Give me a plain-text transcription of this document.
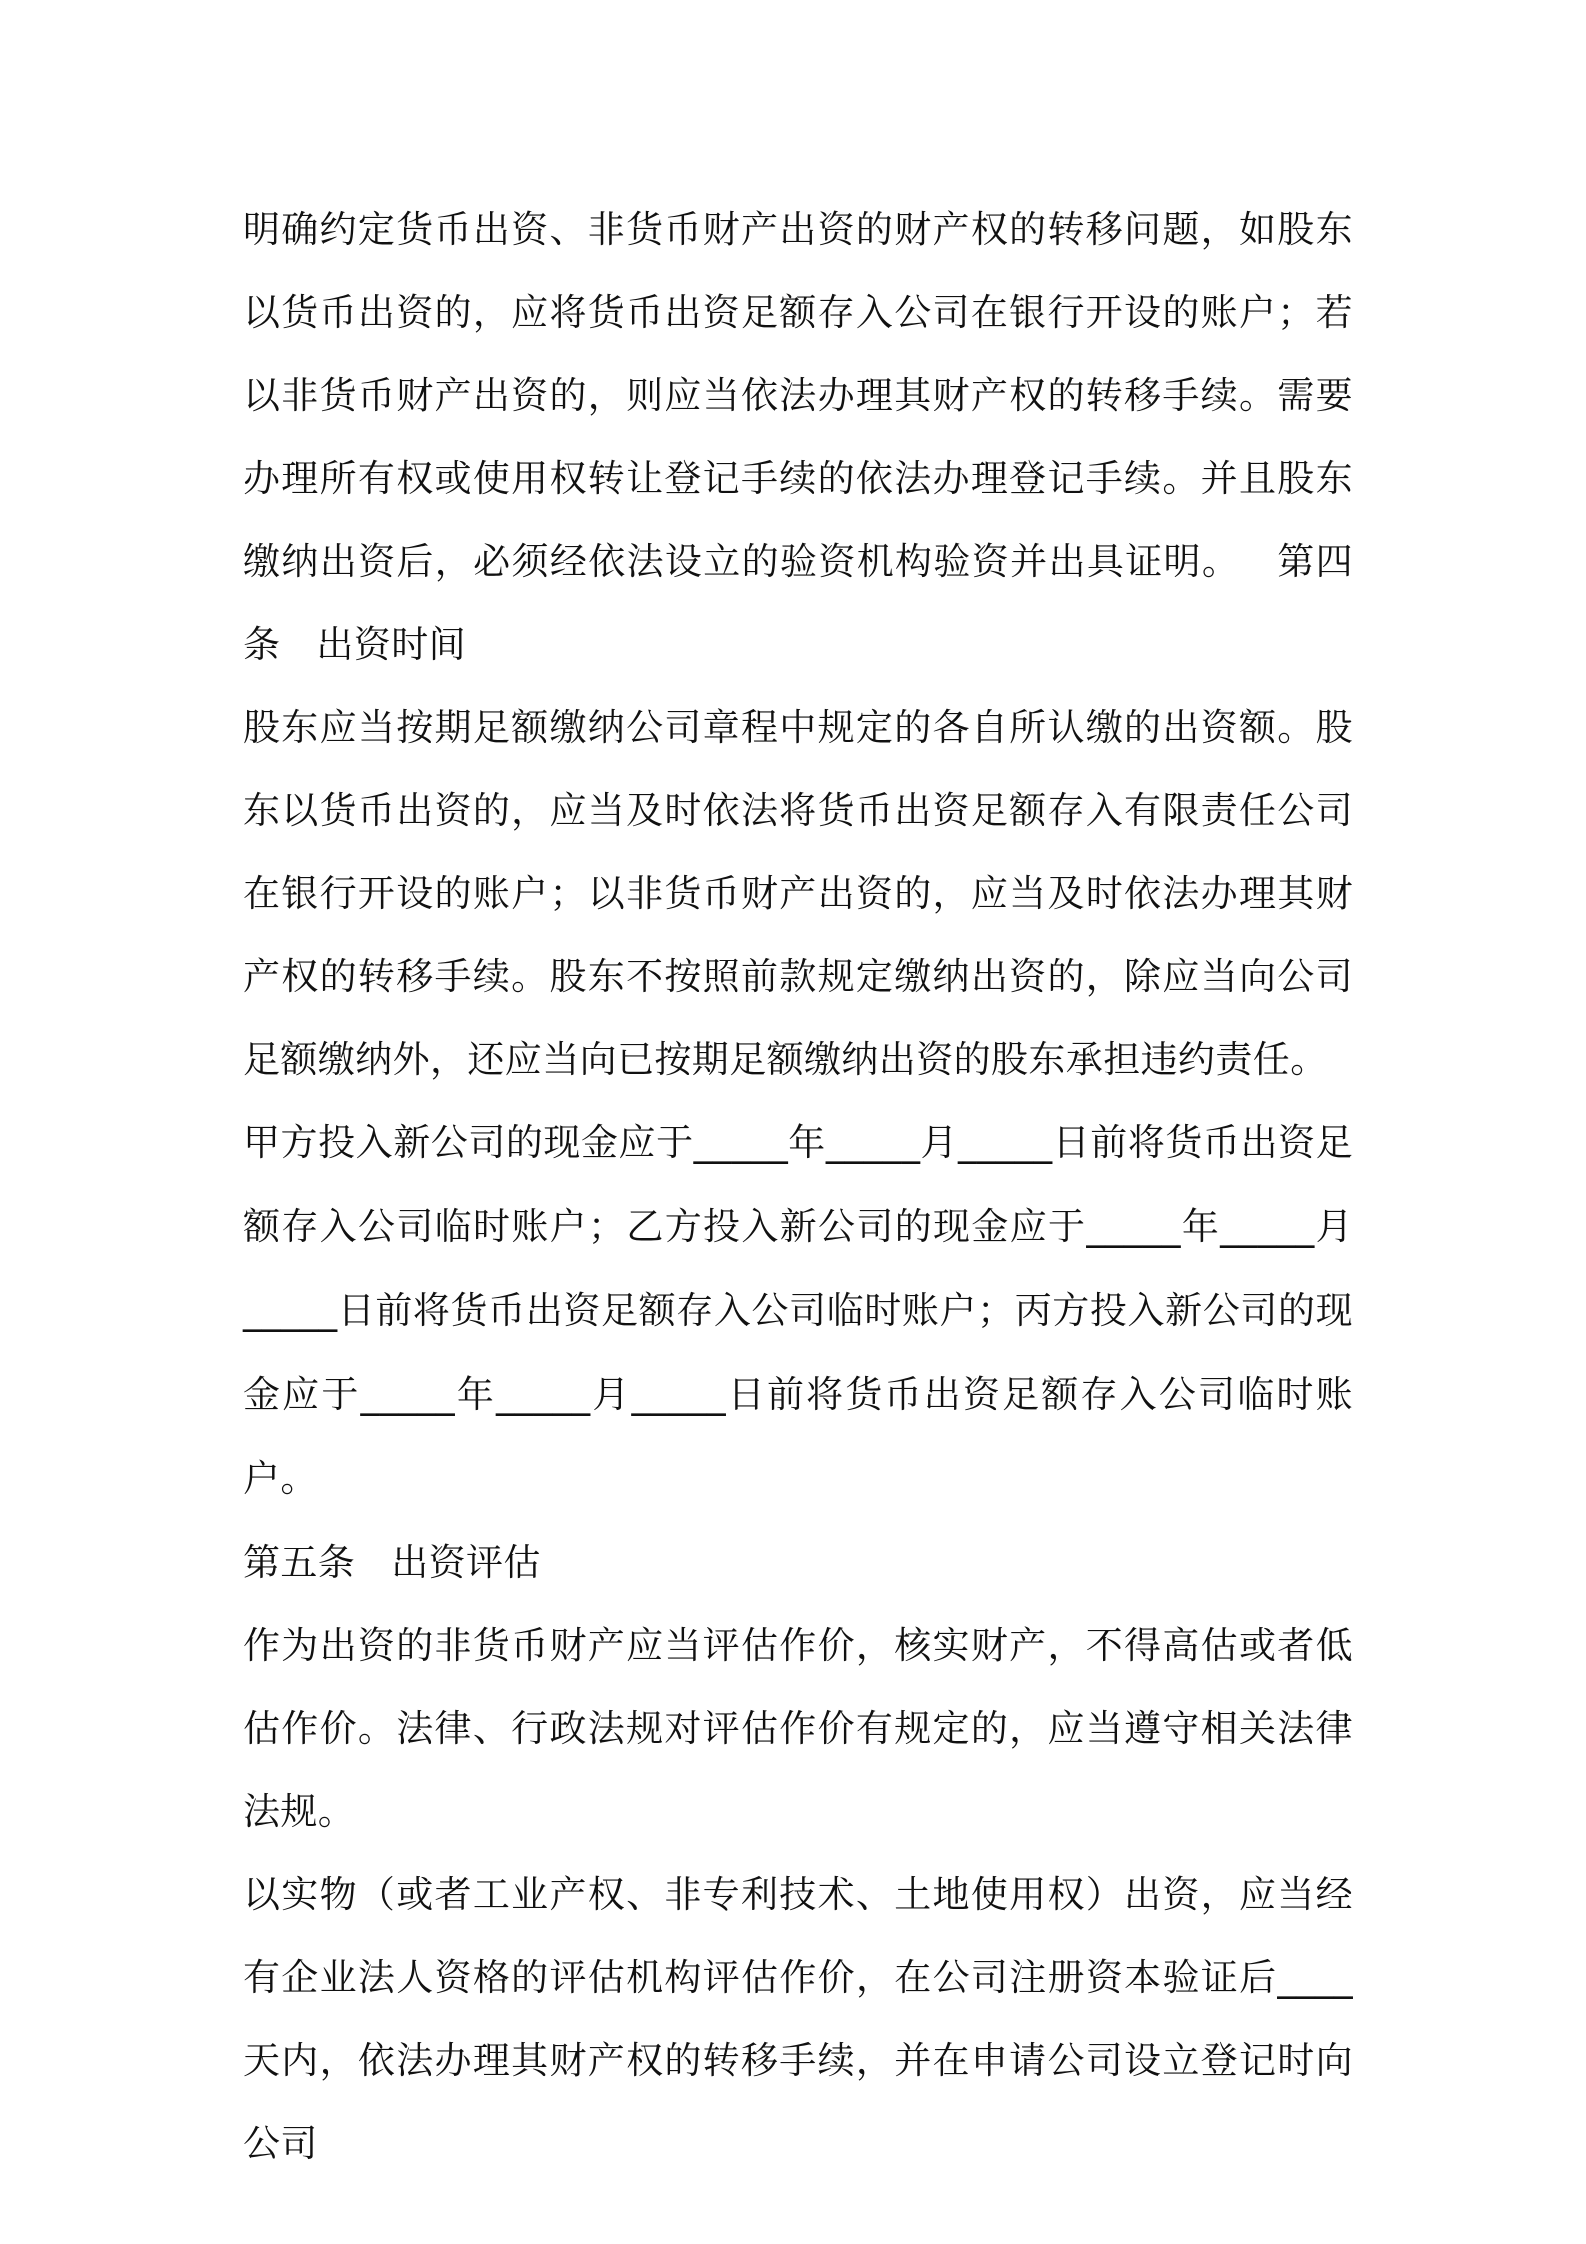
明确约定货币出资、非货币财产出资的财产权的转移问题，如股东以货币出资的，应将货币出资足额存入公司在银行开设的账户；若以非货币财产出资的，则应当依法办理其财产权的转移手续。需要办理所有权或使用权转让登记手续的依法办理登记手续。并且股东缴纳出资后，必须经依法设立的验资机构验资并出具证明。 第四条 出资时间

股东应当按期足额缴纳公司章程中规定的各自所认缴的出资额。股东以货币出资的，应当及时依法将货币出资足额存入有限责任公司在银行开设的账户；以非货币财产出资的，应当及时依法办理其财产权的转移手续。股东不按照前款规定缴纳出资的，除应当向公司足额缴纳外，还应当向已按期足额缴纳出资的股东承担违约责任。

甲方投入新公司的现金应于_____年_____月_____日前将货币出资足额存入公司临时账户；乙方投入新公司的现金应于_____年_____月_____日前将货币出资足额存入公司临时账户；丙方投入新公司的现金应于_____年_____月_____日前将货币出资足额存入公司临时账户。

第五条 出资评估

作为出资的非货币财产应当评估作价，核实财产，不得高估或者低估作价。法律、行政法规对评估作价有规定的，应当遵守相关法律法规。

以实物（或者工业产权、非专利技术、土地使用权）出资，应当经有企业法人资格的评估机构评估作价，在公司注册资本验证后____天内，依法办理其财产权的转移手续，并在申请公司设立登记时向公司
